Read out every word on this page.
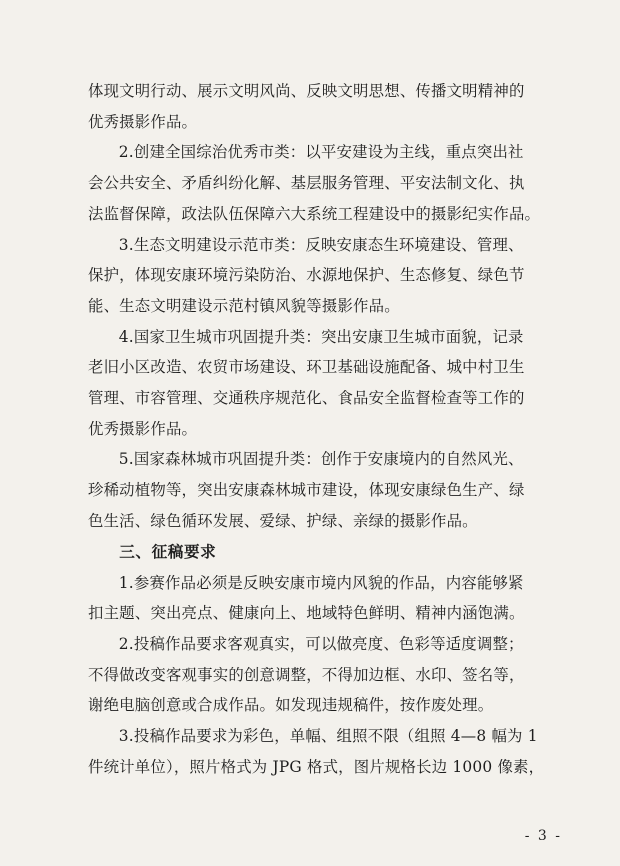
体现文明行动、展示文明风尚、反映文明思想、传播文明精神的
优秀摄影作品。

2.创建全国综治优秀市类：以平安建设为主线，重点突出社
会公共安全、矛盾纠纷化解、基层服务管理、平安法制文化、执
法监督保障，政法队伍保障六大系统工程建设中的摄影纪实作品。

3.生态文明建设示范市类：反映安康态生环境建设、管理、
保护，体现安康环境污染防治、水源地保护、生态修复、绿色节
能、生态文明建设示范村镇风貌等摄影作品。

4.国家卫生城市巩固提升类：突出安康卫生城市面貌，记录
老旧小区改造、农贸市场建设、环卫基础设施配备、城中村卫生
管理、市容管理、交通秩序规范化、食品安全监督检查等工作的
优秀摄影作品。

5.国家森林城市巩固提升类：创作于安康境内的自然风光、
珍稀动植物等，突出安康森林城市建设，体现安康绿色生产、绿
色生活、绿色循环发展、爱绿、护绿、亲绿的摄影作品。

三、征稿要求

1.参赛作品必须是反映安康市境内风貌的作品，内容能够紧
扣主题、突出亮点、健康向上、地域特色鲜明、精神内涵饱满。

2.投稿作品要求客观真实，可以做亮度、色彩等适度调整；
不得做改变客观事实的创意调整，不得加边框、水印、签名等，
谢绝电脑创意或合成作品。如发现违规稿件，按作废处理。

3.投稿作品要求为彩色，单幅、组照不限（组照 4—8 幅为 1
件统计单位），照片格式为 JPG 格式，图片规格长边 1000 像素，

- 3 -
